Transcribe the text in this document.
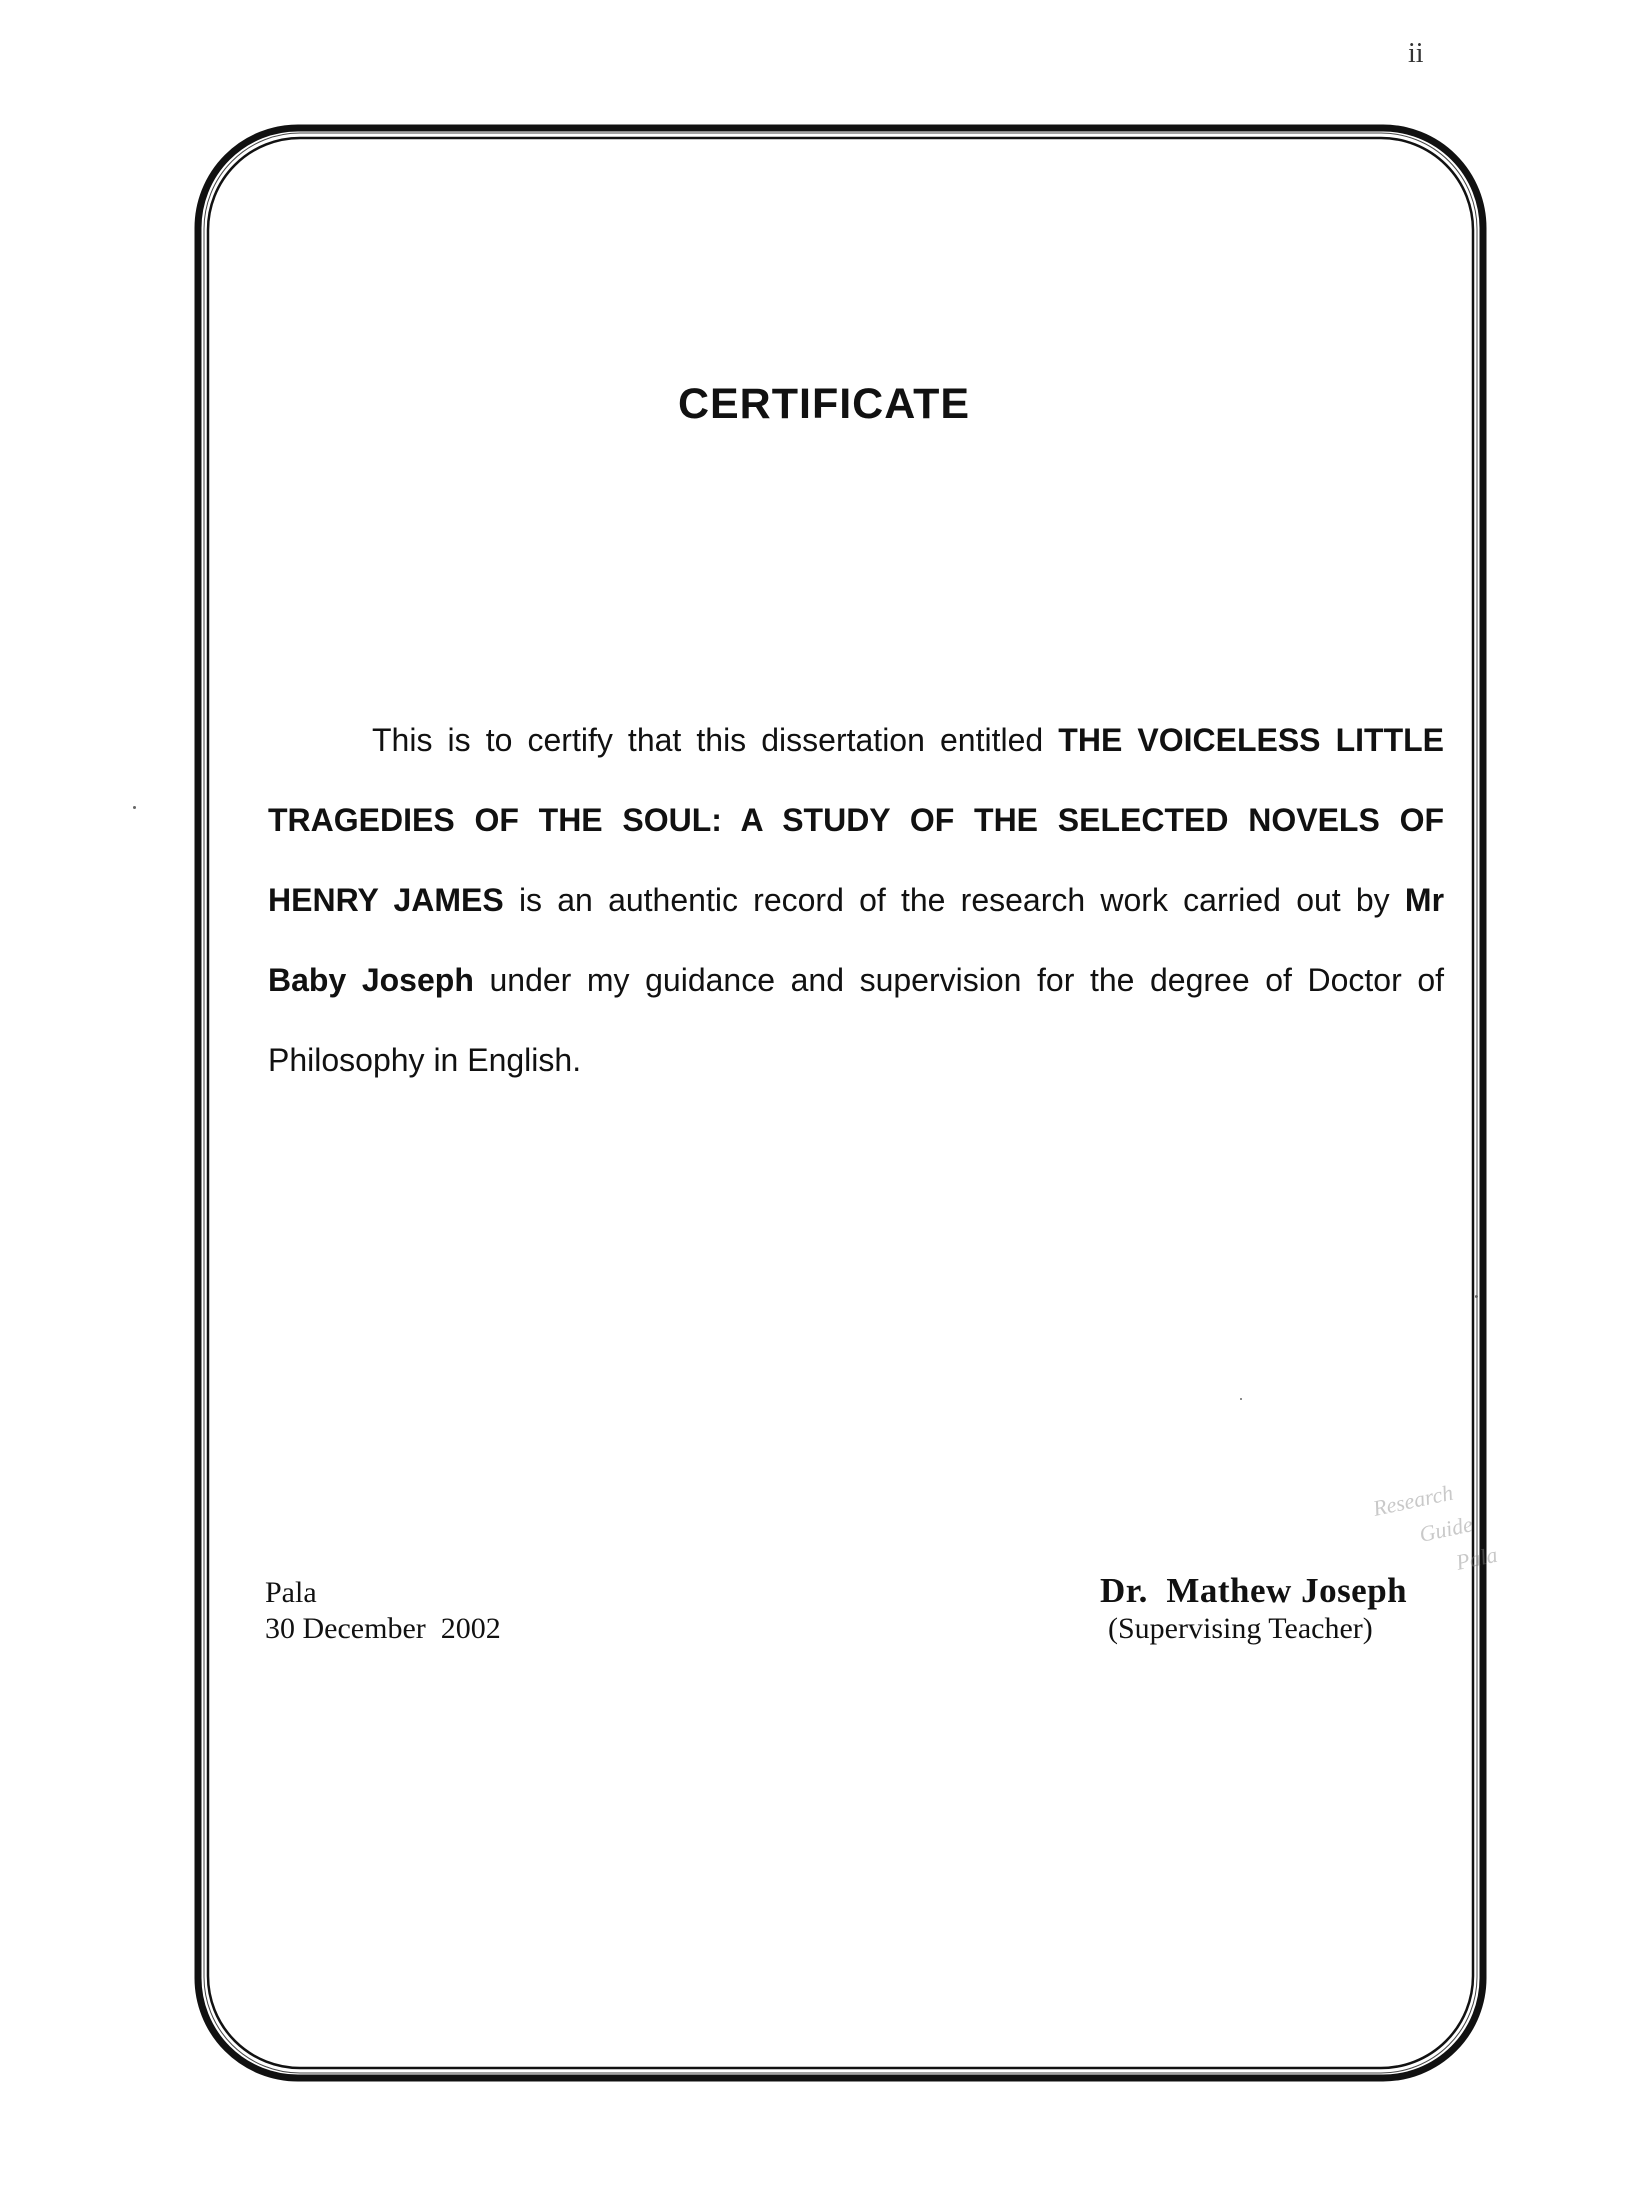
ii
CERTIFICATE

This is to certify that this dissertation entitled THE VOICELESS LITTLE TRAGEDIES OF THE SOUL: A STUDY OF THE SELECTED NOVELS OF HENRY JAMES is an authentic record of the research work carried out by Mr Baby Joseph under my guidance and supervision for the degree of Doctor of Philosophy in English.

Pala
30 December  2002
Dr.  Mathew Joseph
(Supervising Teacher)
Research
Guide
Pala
